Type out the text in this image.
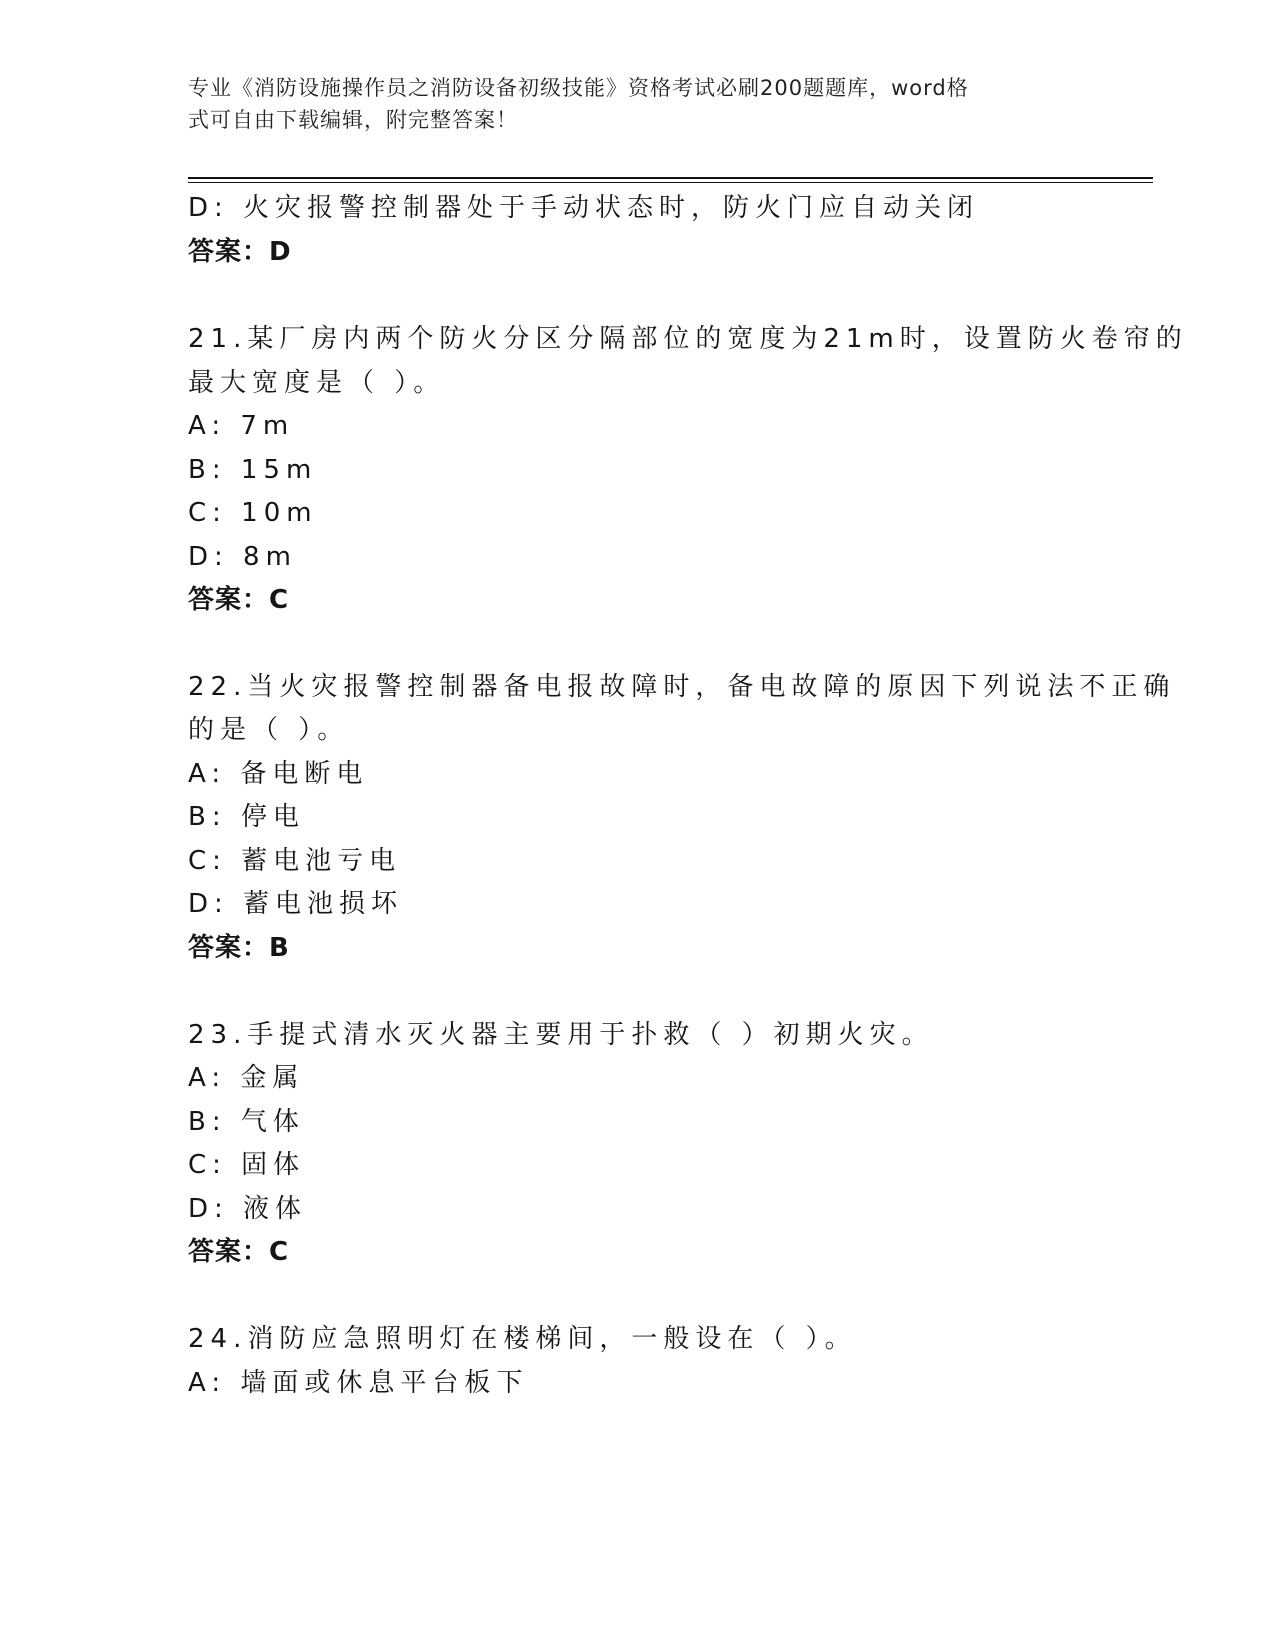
专业《消防设施操作员之消防设备初级技能》资格考试必刷200题题库，word格
式可自由下载编辑，附完整答案！
D: 火灾报警控制器处于手动状态时，防火门应自动关闭
答案：D
21.某厂房内两个防火分区分隔部位的宽度为21m时，设置防火卷帘的
最大宽度是（ ）。
A: 7m
B: 15m
C: 10m
D: 8m
答案：C
22.当火灾报警控制器备电报故障时，备电故障的原因下列说法不正确
的是（ ）。
A: 备电断电
B: 停电
C: 蓄电池亏电
D: 蓄电池损坏
答案：B
23.手提式清水灭火器主要用于扑救（ ）初期火灾。
A: 金属
B: 气体
C: 固体
D: 液体
答案：C
24.消防应急照明灯在楼梯间，一般设在（ ）。
A: 墙面或休息平台板下
